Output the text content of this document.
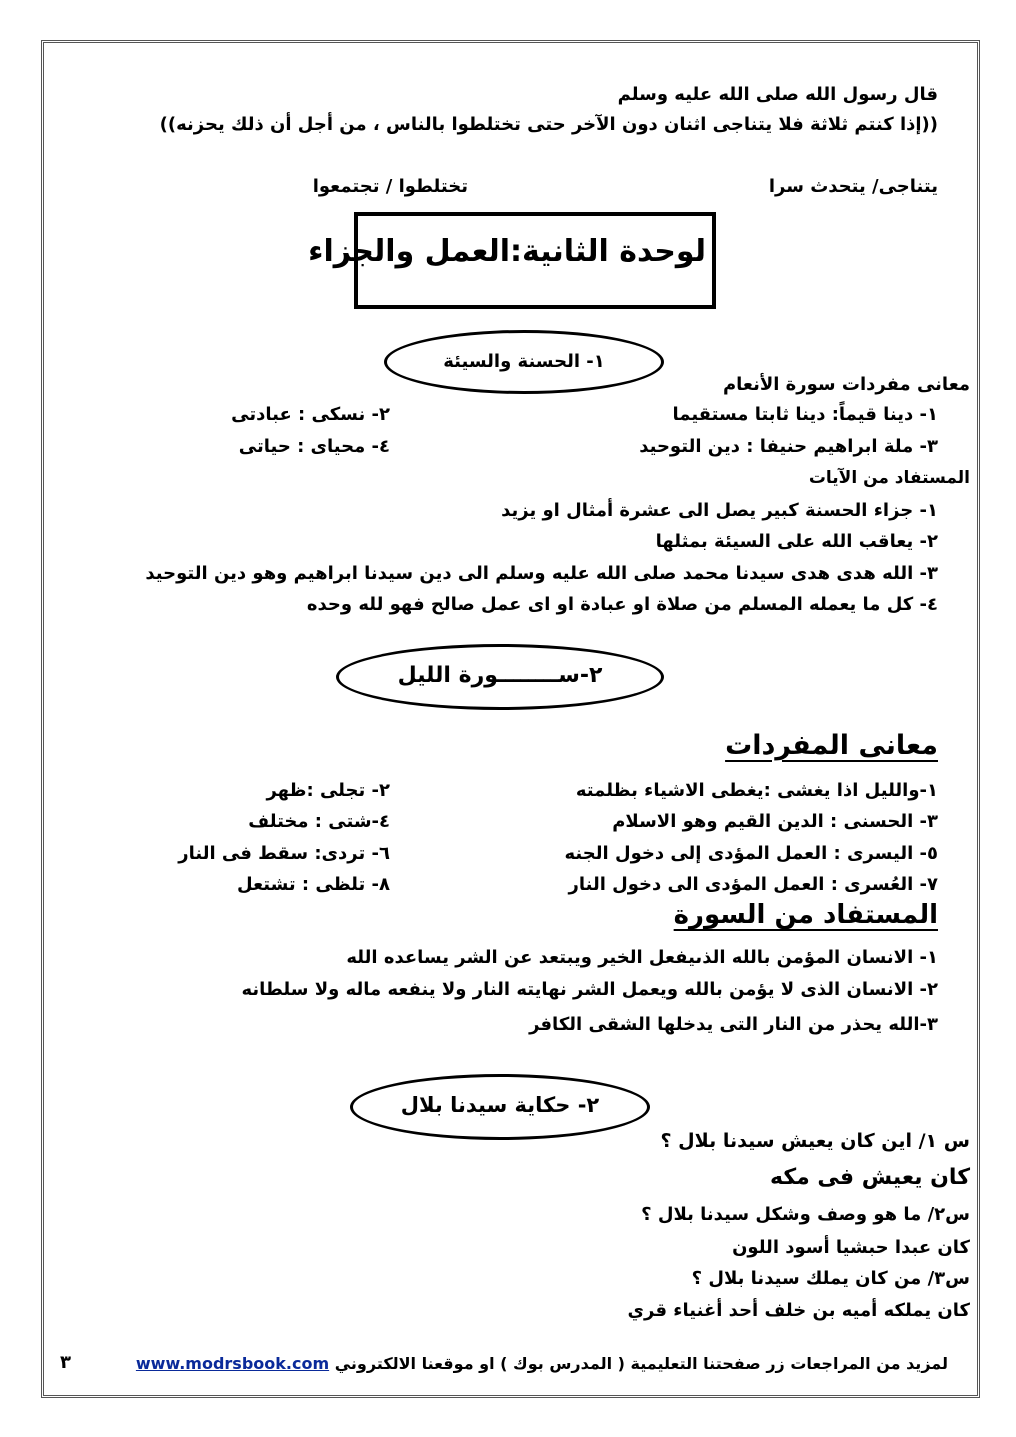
قال رسول الله صلى الله عليه وسلم
((إذا كنتم ثلاثة فلا يتناجى اثنان دون الآخر حتى تختلطوا بالناس ، من أجل أن ذلك يحزنه))
يتناجى/ يتحدث سرا
تختلطوا / تجتمعوا
لوحدة الثانية:العمل والجزاء
١- الحسنة والسيئة
معانى مفردات سورة الأنعام
١- دينا قيماً: دينا ثابتا مستقيما
٢- نسكى : عبادتى
٣- ملة ابراهيم حنيفا : دين التوحيد
٤- محياى : حياتى
المستفاد من الآيات
١- جزاء الحسنة كبير يصل الى عشرة أمثال او يزيد
٢- يعاقب الله على السيئة بمثلها
٣- الله هدى هدى سيدنا محمد صلى الله عليه وسلم الى دين سيدنا ابراهيم وهو دين التوحيد
٤- كل ما يعمله المسلم من صلاة او عبادة او اى عمل صالح فهو لله وحده
٢-ســــــــورة الليل
معانى المفردات
١-والليل اذا يغشى :يغطى الاشياء بظلمته
٢- تجلى :ظهر
٣- الحسنى : الدين القيم وهو الاسلام
٤-شتى : مختلف
٥- اليسرى : العمل المؤدى إلى دخول الجنه
٦- تردى: سقط فى النار
٧- العُسرى : العمل المؤدى الى دخول النار
٨- تلظى : تشتعل
المستفاد من السورة
١- الانسان المؤمن بالله الذىيفعل الخير ويبتعد عن الشر يساعده الله
٢- الانسان الذى لا يؤمن بالله ويعمل الشر نهايته النار ولا ينفعه ماله ولا سلطانه
٣-الله يحذر من النار التى يدخلها الشقى الكافر
٢- حكاية سيدنا بلال
س ١/ اين كان يعيش سيدنا بلال ؟
كان يعيش فى مكه
س٢/ ما هو وصف وشكل سيدنا بلال ؟
كان عبدا حبشيا أسود اللون
س٣/ من كان يملك سيدنا بلال ؟
كان يملكه أميه بن خلف أحد أغنياء قري
لمزيد من المراجعات زر صفحتنا التعليمية ( المدرس بوك ) او موقعنا الالكتروني www.modrsbook.com
٣
